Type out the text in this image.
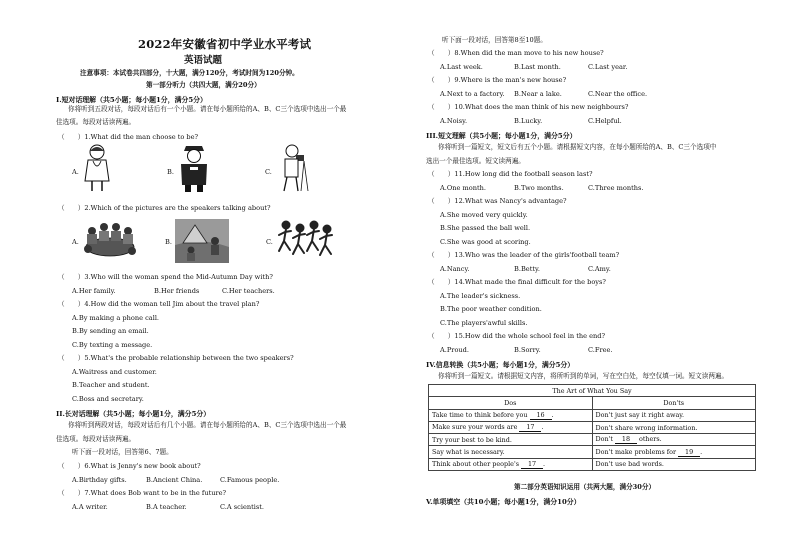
2022年安徽省初中学业水平考试
英语试题
注意事项：本试卷共四部分，十大题，满分120分，考试时间为120分钟。
第一部分听力（共四大题，满分20分）
I.短对话理解（共5小题；每小题1分，满分5分）
你将听到五段对话，每段对话后有一个小题。请在每小题所给的A、B、C三个选项中选出一个最
佳选项。每段对话读两遍。
（　　）1.What did the man choose to be?
A.	B.	C.
（　　）2.Which of the pictures are the speakers talking about?
A.	B.	C.
（　　）3.Who will the woman spend the Mid-Autumn Day with?
A.Her family.	B.Her friends	C.Her teachers.
（　　）4.How did the woman tell Jim about the travel plan?
A.By making a phone call.
B.By sending an email.
C.By texting a message.
（　　）5.What's the probable relationship between the two speakers?
A.Waitress and customer.
B.Teacher and student.
C.Boss and secretary.
II.长对话理解（共5小题；每小题1分，满分5分）
你将听到两段对话，每段对话后有几个小题。请在每小题所给的A、B、C三个选项中选出一个最
佳选项。每段对话读两遍。
听下面一段对话，回答第6、7题。
（　　）6.What is Jenny's new book about?
A.Birthday gifts.	B.Ancient China.	C.Famous people.
（　　）7.What does Bob want to be in the future?
A.A writer.	B.A teacher.	C.A scientist.
听下面一段对话，回答第8至10题。
（　　）8.When did the man move to his new house?
A.Last week.	B.Last month.	C.Last year.
（　　）9.Where is the man's new house?
A.Next to a factory. B.Near a lake.	C.Near the office.
（　　）10.What does the man think of his new neighbours?
A.Noisy.	B.Lucky.	C.Helpful.
III.短文理解（共5小题；每小题1分，满分5分）
你将听到一篇短文，短文后有五个小题。请根据短文内容，在每小题所给的A、B、C三个选项中
选出一个最佳选项。短文读两遍。
（　　）11.How long did the football season last?
A.One month.	B.Two months.	C.Three months.
（　　）12.What was Nancy's advantage?
A.She moved very quickly.
B.She passed the ball well.
C.She was good at scoring.
（　　）13.Who was the leader of the girls'football team?
A.Nancy.	B.Betty.	C.Amy.
（　　）14.What made the final difficult for the boys?
A.The leader's sickness.
B.The poor weather condition.
C.The players'awful skills.
（　　）15.How did the whole school feel in the end?
A.Proud.	B.Sorry.	C.Free.
IV.信息转换（共5小题；每小题1分，满分5分）
你将听到一篇短文。请根据短文内容，将所听到的单词，写在空白处，每空仅填一词。短文读两遍。
The Art of What You Say	
Dos	Don'ts
Take time to think before you 16 .	Don't just say it right away.
Make sure your words are 17 .	Don't share wrong information.
Try your best to be kind.	Don't 18 others.
Say what is necessary.	Don't make problems for 19 .
Think about other people's 17 .	Don't use bad words.
第二部分英语知识运用（共两大题，满分30分）
V.单项填空（共10小题；每小题1分，满分10分）
